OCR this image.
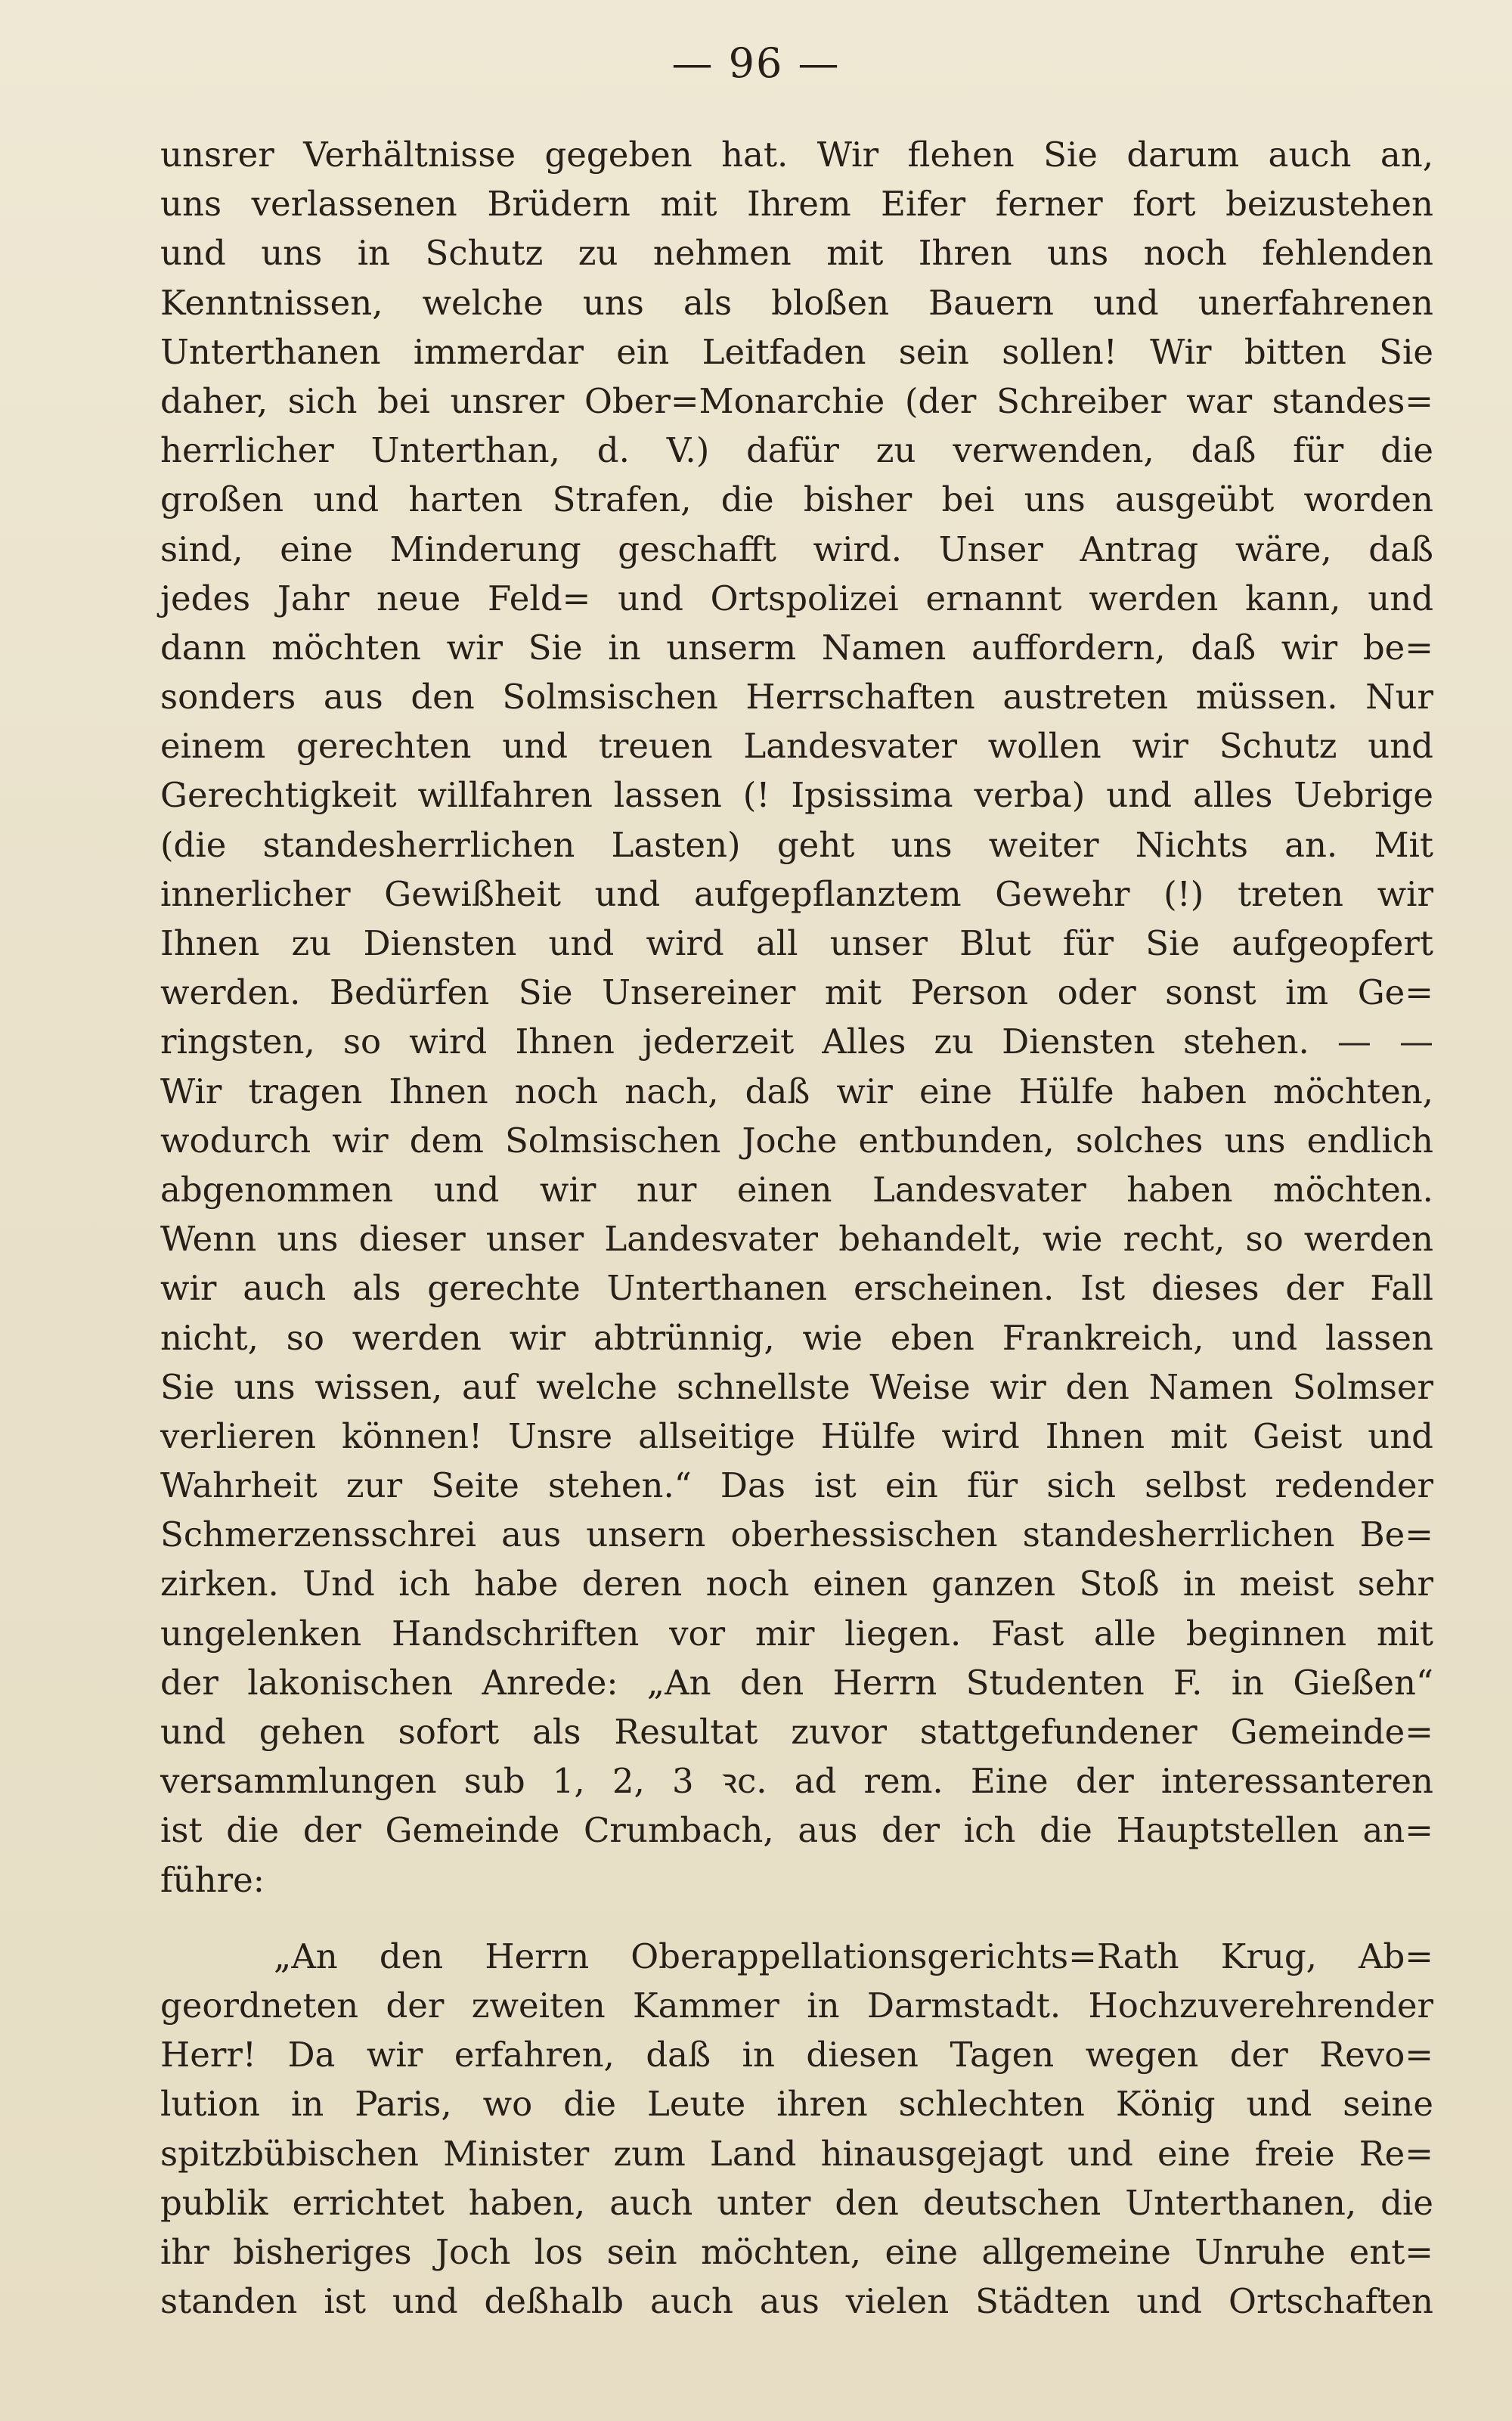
— 96 —
unsrer Verhältnisse gegeben hat. Wir flehen Sie darum auch an,
uns verlassenen Brüdern mit Ihrem Eifer ferner fort beizustehen
und uns in Schutz zu nehmen mit Ihren uns noch fehlenden
Kenntnissen, welche uns als bloßen Bauern und unerfahrenen
Unterthanen immerdar ein Leitfaden sein sollen! Wir bitten Sie
daher, sich bei unsrer Ober=Monarchie (der Schreiber war standes=
herrlicher Unterthan, d. V.) dafür zu verwenden, daß für die
großen und harten Strafen, die bisher bei uns ausgeübt worden
sind, eine Minderung geschafft wird. Unser Antrag wäre, daß
jedes Jahr neue Feld= und Ortspolizei ernannt werden kann, und
dann möchten wir Sie in unserm Namen auffordern, daß wir be=
sonders aus den Solmsischen Herrschaften austreten müssen. Nur
einem gerechten und treuen Landesvater wollen wir Schutz und
Gerechtigkeit willfahren lassen (! Ipsissima verba) und alles Uebrige
(die standesherrlichen Lasten) geht uns weiter Nichts an. Mit
innerlicher Gewißheit und aufgepflanztem Gewehr (!) treten wir
Ihnen zu Diensten und wird all unser Blut für Sie aufgeopfert
werden. Bedürfen Sie Unsereiner mit Person oder sonst im Ge=
ringsten, so wird Ihnen jederzeit Alles zu Diensten stehen. — —
Wir tragen Ihnen noch nach, daß wir eine Hülfe haben möchten,
wodurch wir dem Solmsischen Joche entbunden, solches uns endlich
abgenommen und wir nur einen Landesvater haben möchten.
Wenn uns dieser unser Landesvater behandelt, wie recht, so werden
wir auch als gerechte Unterthanen erscheinen. Ist dieses der Fall
nicht, so werden wir abtrünnig, wie eben Frankreich, und lassen
Sie uns wissen, auf welche schnellste Weise wir den Namen Solmser
verlieren können! Unsre allseitige Hülfe wird Ihnen mit Geist und
Wahrheit zur Seite stehen.“ Das ist ein für sich selbst redender
Schmerzensschrei aus unsern oberhessischen standesherrlichen Be=
zirken. Und ich habe deren noch einen ganzen Stoß in meist sehr
ungelenken Handschriften vor mir liegen. Fast alle beginnen mit
der lakonischen Anrede: „An den Herrn Studenten F. in Gießen“
und gehen sofort als Resultat zuvor stattgefundener Gemeinde=
versammlungen sub 1, 2, 3 ꝛc. ad rem. Eine der interessanteren
ist die der Gemeinde Crumbach, aus der ich die Hauptstellen an=
führe:
„An den Herrn Oberappellationsgerichts=Rath Krug, Ab=
geordneten der zweiten Kammer in Darmstadt. Hochzuverehrender
Herr! Da wir erfahren, daß in diesen Tagen wegen der Revo=
lution in Paris, wo die Leute ihren schlechten König und seine
spitzbübischen Minister zum Land hinausgejagt und eine freie Re=
publik errichtet haben, auch unter den deutschen Unterthanen, die
ihr bisheriges Joch los sein möchten, eine allgemeine Unruhe ent=
standen ist und deßhalb auch aus vielen Städten und Ortschaften
